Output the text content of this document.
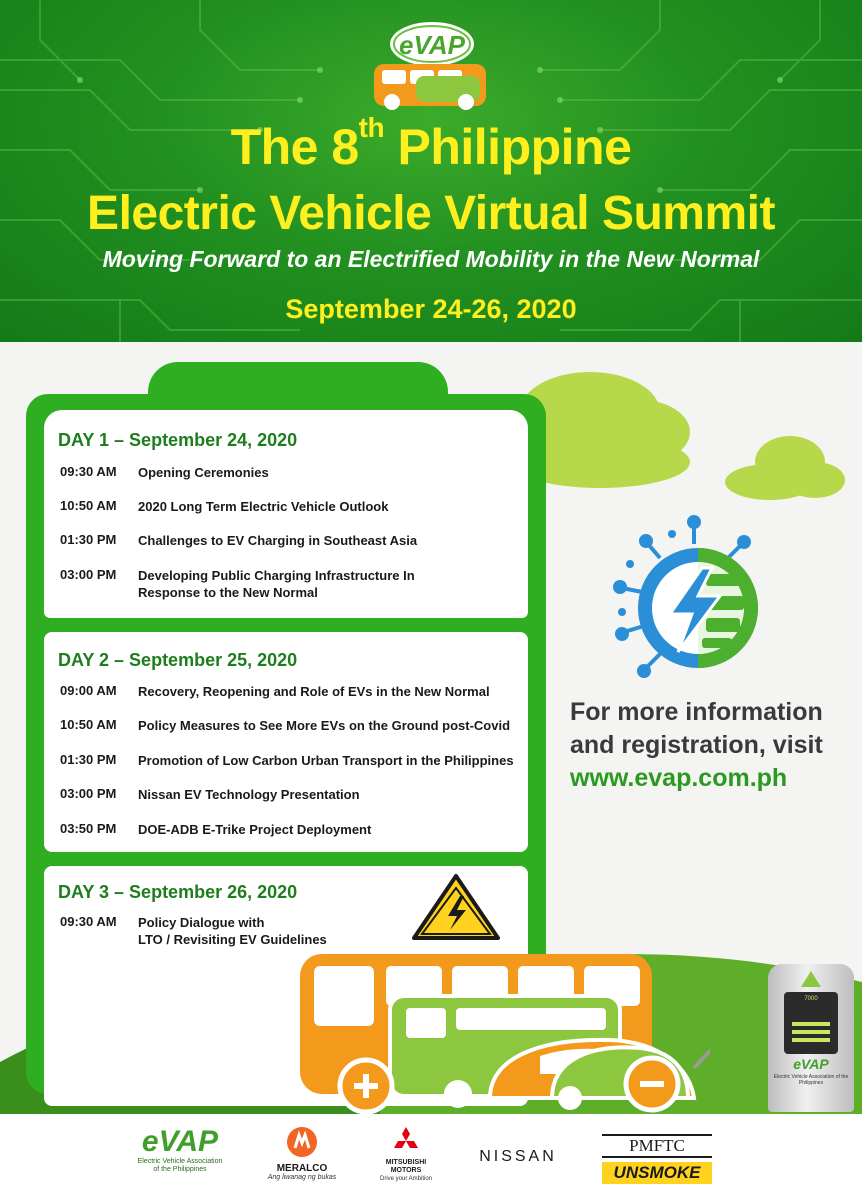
eVAP
The 8th Philippine
Electric Vehicle Virtual Summit
Moving Forward to an Electrified Mobility in the New Normal
September 24-26, 2020
DAY 1 – September 24, 2020
09:30 AM	Opening Ceremonies
10:50 AM	2020 Long Term Electric Vehicle Outlook
01:30 PM	Challenges to EV Charging in Southeast Asia
03:00 PM	Developing Public Charging Infrastructure In
Response to the New Normal
DAY 2 – September 25, 2020
09:00 AM	Recovery, Reopening and Role of EVs in the New Normal
10:50 AM	Policy Measures to See More EVs on the Ground post-Covid
01:30 PM	Promotion of Low Carbon Urban Transport in the Philippines
03:00 PM	Nissan EV Technology Presentation
03:50 PM	DOE-ADB E-Trike Project Deployment
DAY 3 – September 26, 2020
09:30 AM	Policy Dialogue with
LTO / Revisiting EV Guidelines
For more information
and registration, visit
www.evap.com.ph
7000
eVAP
Electric Vehicle Association of the Philippines
eVAP
Electric Vehicle Association
of the Philippines	MERALCO
Ang liwanag ng bukas
MITSUBISHI
MOTORS
Drive your Ambition
NISSAN
PMFTC
UNSMOKE
